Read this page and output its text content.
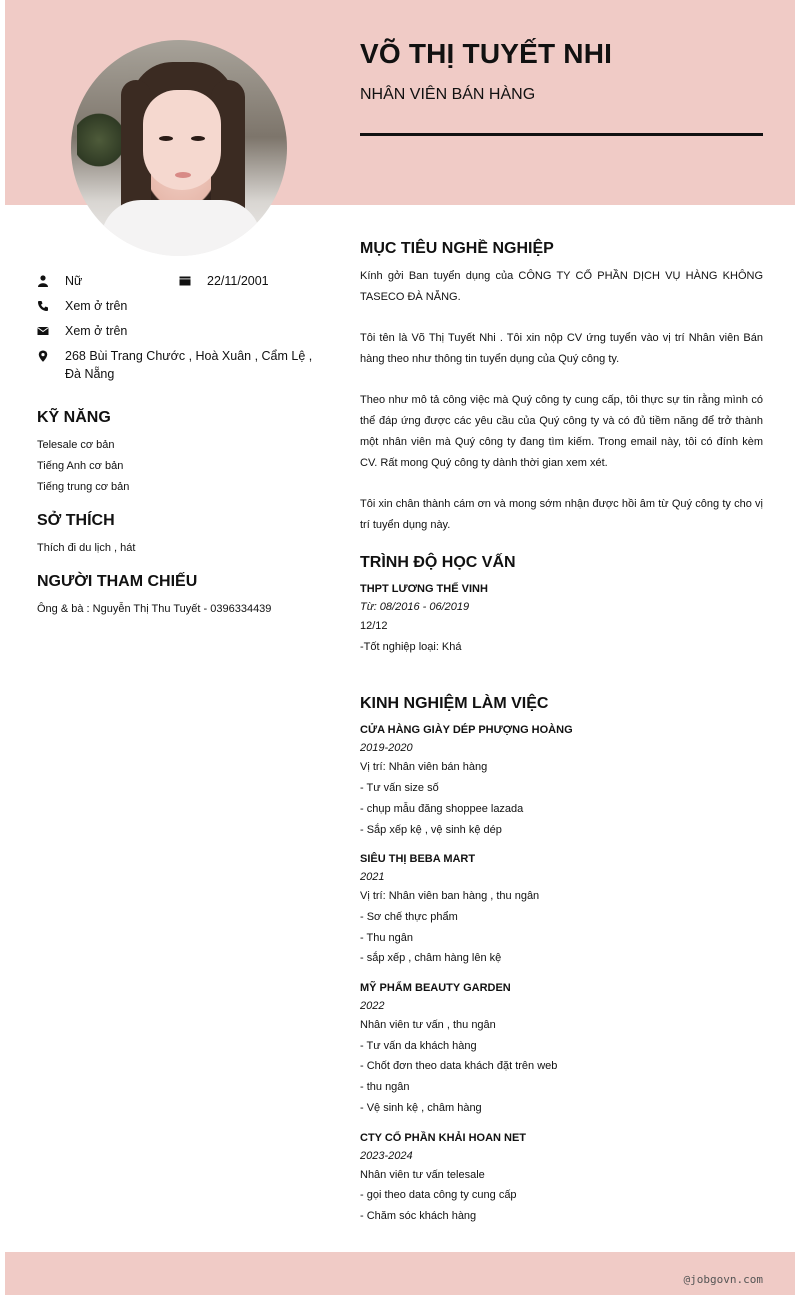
VÕ THỊ TUYẾT NHI
NHÂN VIÊN BÁN HÀNG
Nữ	22/11/2001
Xem ở trên
Xem ở trên
268 Bùi Trang Chước , Hoà Xuân , Cẩm Lệ , Đà Nẵng
KỸ NĂNG
Telesale cơ bản
Tiếng Anh cơ bản
Tiếng trung cơ bản
SỞ THÍCH
Thích đi du lịch , hát
NGƯỜI THAM CHIẾU
Ông & bà : Nguyễn Thị Thu Tuyết - 0396334439
MỤC TIÊU NGHỀ NGHIỆP

Kính gởi Ban tuyển dụng của CÔNG TY CỔ PHẦN DỊCH VỤ HÀNG KHÔNG TASECO ĐÀ NẴNG.

Tôi tên là Võ Thị Tuyết Nhi . Tôi xin nộp CV ứng tuyển vào vị trí Nhân viên Bán hàng theo như thông tin tuyển dụng của Quý công ty.

Theo như mô tả công việc mà Quý công ty cung cấp, tôi thực sự tin rằng mình có thể đáp ứng được các yêu cầu của Quý công ty và có đủ tiềm năng để trở thành một nhân viên mà Quý công ty đang tìm kiếm. Trong email này, tôi có đính kèm CV. Rất mong Quý công ty dành thời gian xem xét.

Tôi xin chân thành cám ơn và mong sớm nhận được hồi âm từ Quý công ty cho vị trí tuyển dụng này.

TRÌNH ĐỘ HỌC VẤN
THPT LƯƠNG THẾ VINH
Từ: 08/2016 - 06/2019
12/12
-Tốt nghiệp loại: Khá
KINH NGHIỆM LÀM VIỆC
CỬA HÀNG GIÀY DÉP PHƯỢNG HOÀNG
2019-2020
Vị trí: Nhân viên bán hàng
- Tư vấn size số
- chụp mẫu đăng shoppee lazada
- Sắp xếp kệ , vệ sinh kệ dép
SIÊU THỊ BEBA MART
2021
Vị trí: Nhân viên ban hàng , thu ngân
- Sơ chế thực phẩm
- Thu ngân
- sắp xếp , châm hàng lên kệ
MỸ PHẨM BEAUTY GARDEN
2022
Nhân viên tư vấn , thu ngân
- Tư vấn da khách hàng
- Chốt đơn theo data khách đặt trên web
- thu ngân
- Vệ sinh kệ , châm hàng
CTY CỔ PHẦN KHẢI HOAN NET
2023-2024
Nhân viên tư vấn telesale
- gọi theo data công ty cung cấp
- Chăm sóc khách hàng
@jobgovn.com
